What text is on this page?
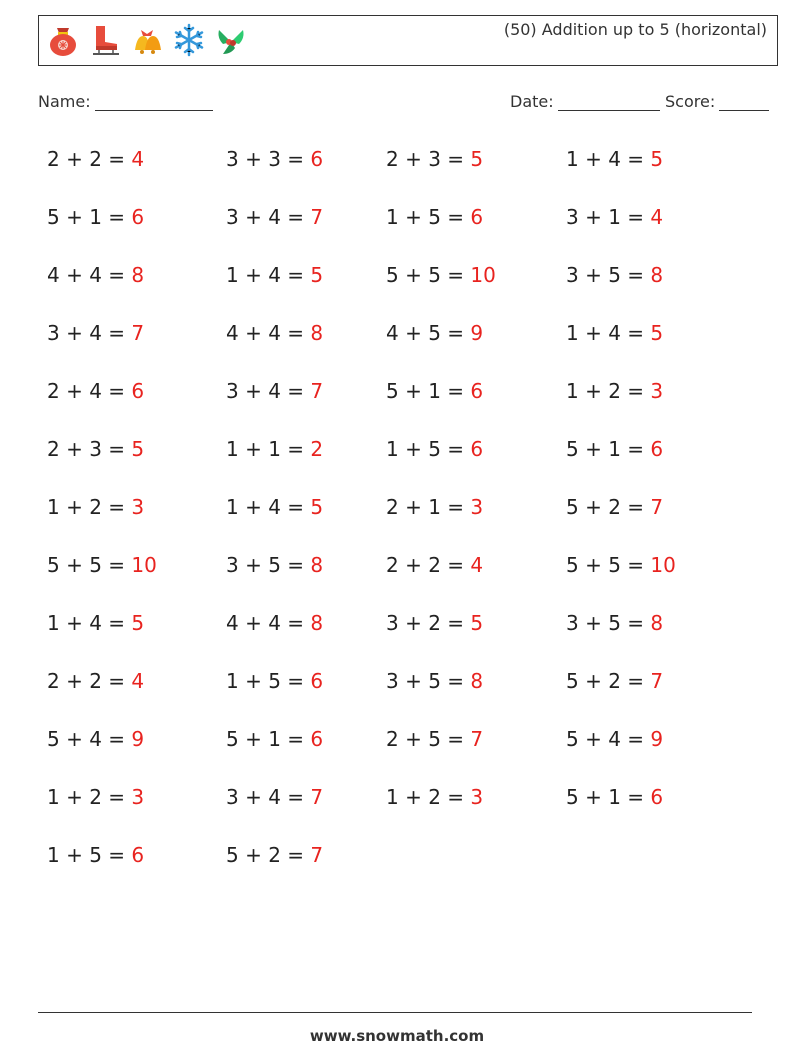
(50) Addition up to 5 (horizontal)
Name:	Date:	Score:
2 + 2 = 4	3 + 3 = 6	2 + 3 = 5	1 + 4 = 5
5 + 1 = 6	3 + 4 = 7	1 + 5 = 6	3 + 1 = 4
4 + 4 = 8	1 + 4 = 5	5 + 5 = 10	3 + 5 = 8
3 + 4 = 7	4 + 4 = 8	4 + 5 = 9	1 + 4 = 5
2 + 4 = 6	3 + 4 = 7	5 + 1 = 6	1 + 2 = 3
2 + 3 = 5	1 + 1 = 2	1 + 5 = 6	5 + 1 = 6
1 + 2 = 3	1 + 4 = 5	2 + 1 = 3	5 + 2 = 7
5 + 5 = 10	3 + 5 = 8	2 + 2 = 4	5 + 5 = 10
1 + 4 = 5	4 + 4 = 8	3 + 2 = 5	3 + 5 = 8
2 + 2 = 4	1 + 5 = 6	3 + 5 = 8	5 + 2 = 7
5 + 4 = 9	5 + 1 = 6	2 + 5 = 7	5 + 4 = 9
1 + 2 = 3	3 + 4 = 7	1 + 2 = 3	5 + 1 = 6
1 + 5 = 6	5 + 2 = 7
www.snowmath.com
